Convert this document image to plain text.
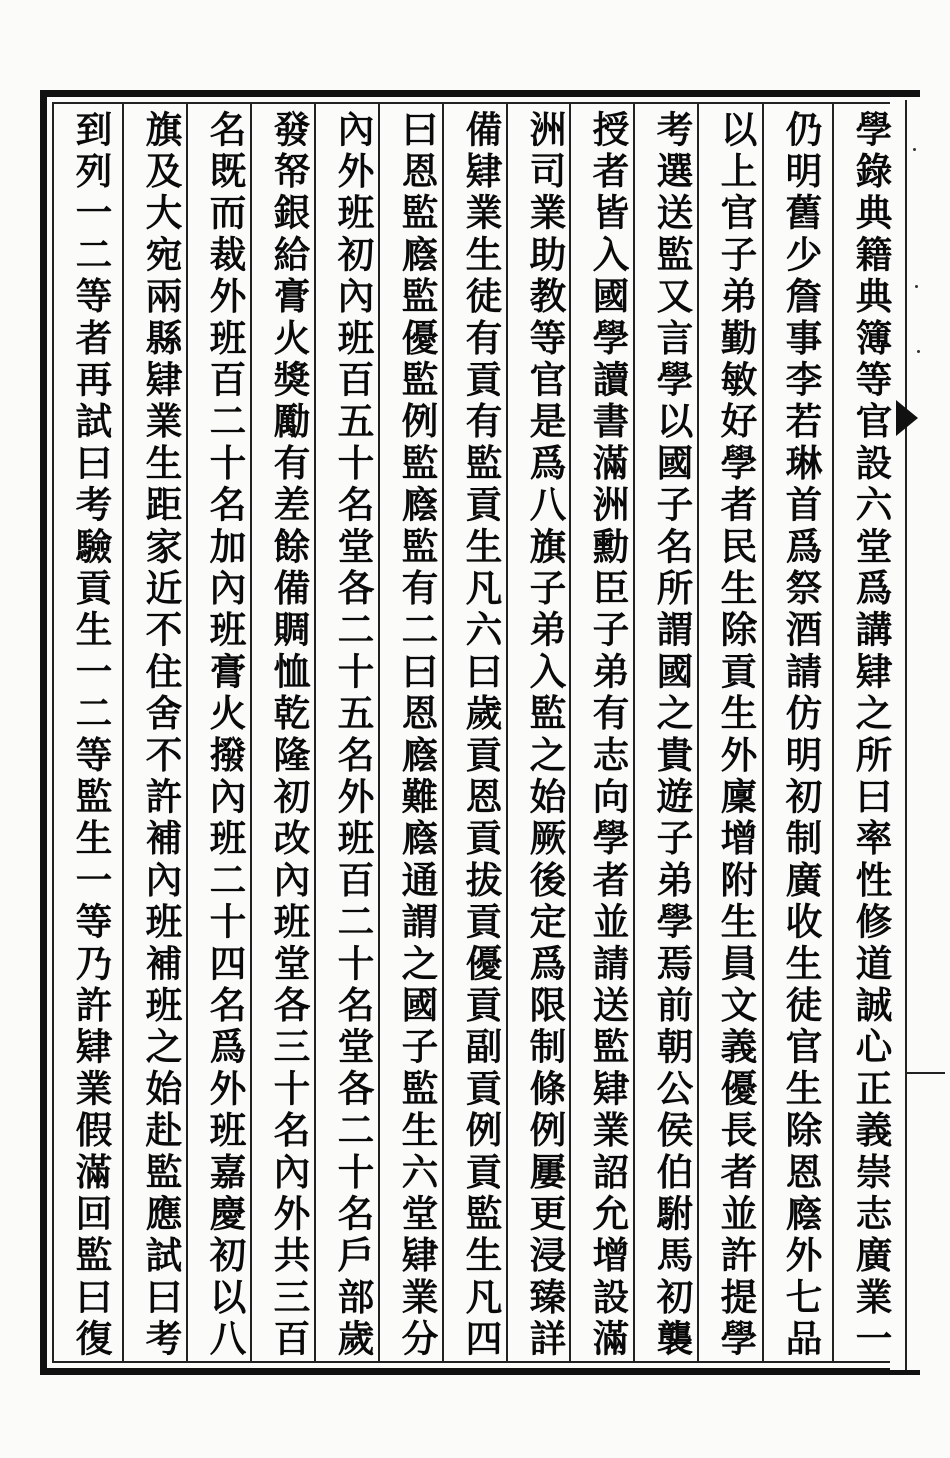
學錄典籍典簿等官設六堂爲講肄之所曰率性修道誠心正義崇志廣業一
仍明舊少詹事李若琳首爲祭酒請仿明初制廣收生徒官生除恩廕外七品
以上官子弟勤敏好學者民生除貢生外廩增附生員文義優長者並許提學
考選送監又言學以國子名所謂國之貴遊子弟學焉前朝公侯伯駙馬初襲
授者皆入國學讀書滿洲勳臣子弟有志向學者並請送監肄業詔允增設滿
洲司業助教等官是爲八旗子弟入監之始厥後定爲限制條例屢更浸臻詳
備肄業生徒有貢有監貢生凡六曰歲貢恩貢拔貢優貢副貢例貢監生凡四
曰恩監廕監優監例監廕監有二曰恩廕難廕通謂之國子監生六堂肄業分
內外班初內班百五十名堂各二十五名外班百二十名堂各二十名戶部歲
發帑銀給膏火獎勵有差餘備賙恤乾隆初改內班堂各三十名內外共三百
名既而裁外班百二十名加內班膏火撥內班二十四名爲外班嘉慶初以八
旗及大宛兩縣肄業生距家近不住舍不許補內班補班之始赴監應試曰考
到列一二等者再試曰考驗貢生一二等監生一等乃許肄業假滿回監曰復
